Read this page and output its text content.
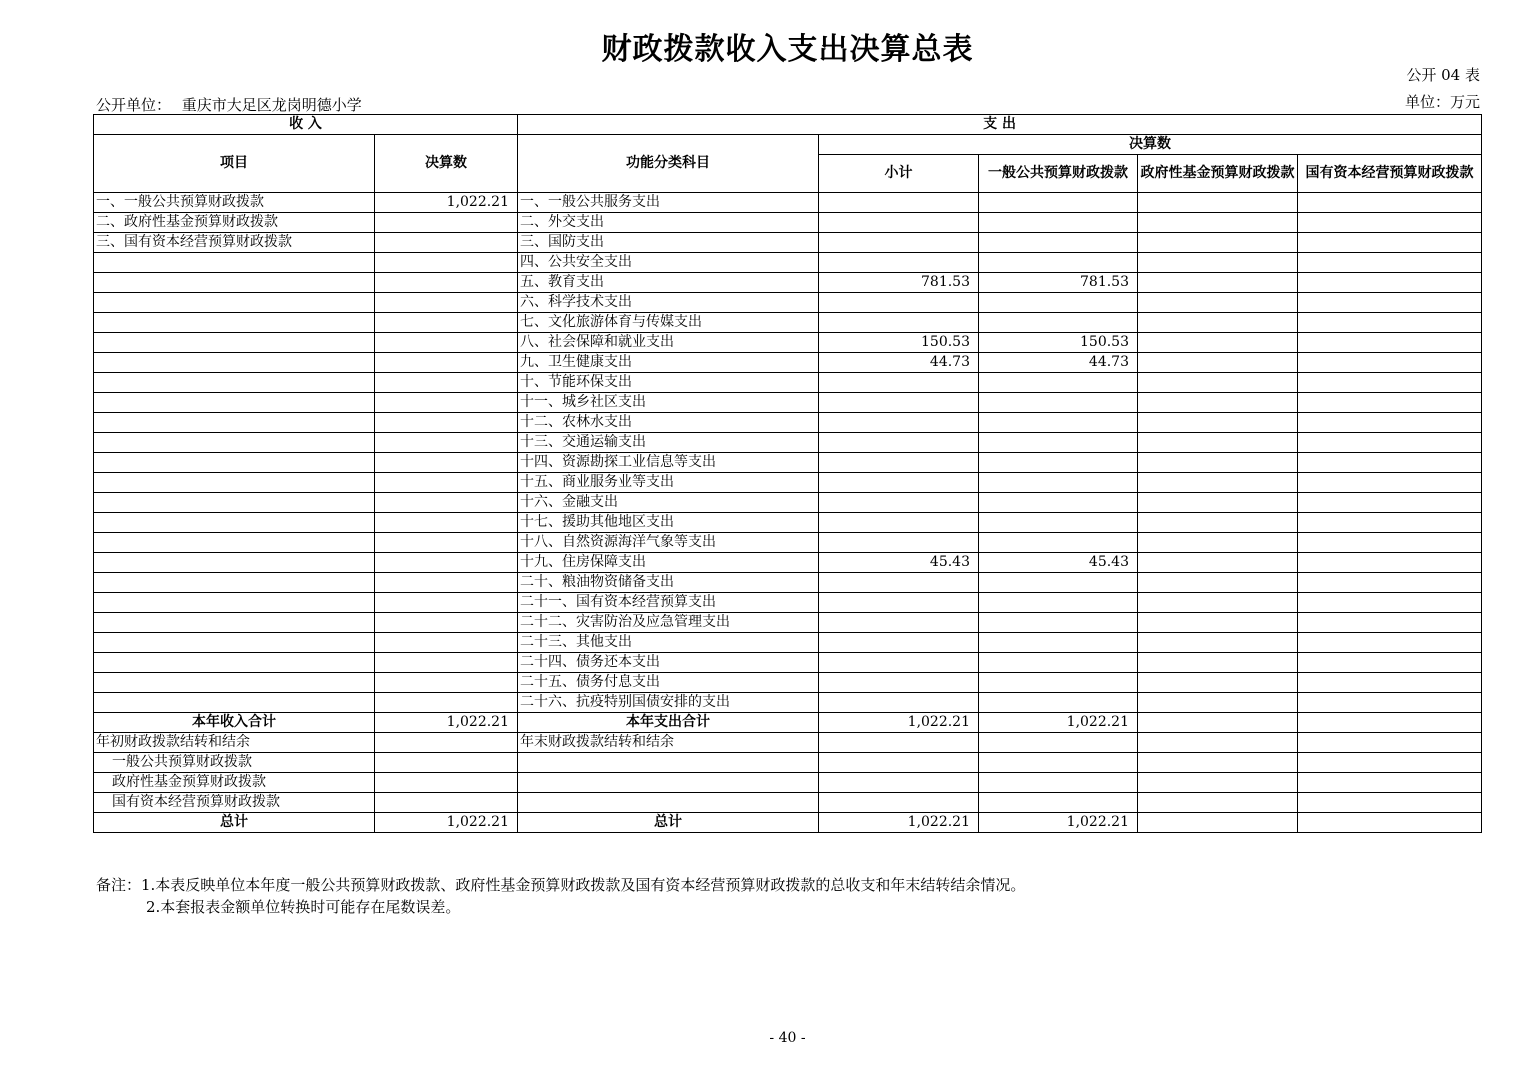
财政拨款收入支出决算总表
公开 04 表
单位：万元
公开单位： 重庆市大足区龙岗明德小学
收 入		支 出				
项目	决算数	功能分类科目	决算数			
			小计	一般公共预算财政拨款	政府性基金预算财政拨款	国有资本经营预算财政拨款
一、一般公共预算财政拨款	1,022.21	一、一般公共服务支出				
二、政府性基金预算财政拨款		二、外交支出				
三、国有资本经营预算财政拨款		三、国防支出				
		四、公共安全支出				
		五、教育支出	781.53	781.53		
		六、科学技术支出				
		七、文化旅游体育与传媒支出				
		八、社会保障和就业支出	150.53	150.53		
		九、卫生健康支出	44.73	44.73		
		十、节能环保支出				
		十一、城乡社区支出				
		十二、农林水支出				
		十三、交通运输支出				
		十四、资源勘探工业信息等支出				
		十五、商业服务业等支出				
		十六、金融支出				
		十七、援助其他地区支出				
		十八、自然资源海洋气象等支出				
		十九、住房保障支出	45.43	45.43		
		二十、粮油物资储备支出				
		二十一、国有资本经营预算支出				
		二十二、灾害防治及应急管理支出				
		二十三、其他支出				
		二十四、债务还本支出				
		二十五、债务付息支出				
		二十六、抗疫特别国债安排的支出				
本年收入合计	1,022.21	本年支出合计	1,022.21	1,022.21		
年初财政拨款结转和结余		年末财政拨款结转和结余				
一般公共预算财政拨款						
政府性基金预算财政拨款						
国有资本经营预算财政拨款						
总计	1,022.21	总计	1,022.21	1,022.21		
备注：1.本表反映单位本年度一般公共预算财政拨款、政府性基金预算财政拨款及国有资本经营预算财政拨款的总收支和年末结转结余情况。
2.本套报表金额单位转换时可能存在尾数误差。
- 40 -
